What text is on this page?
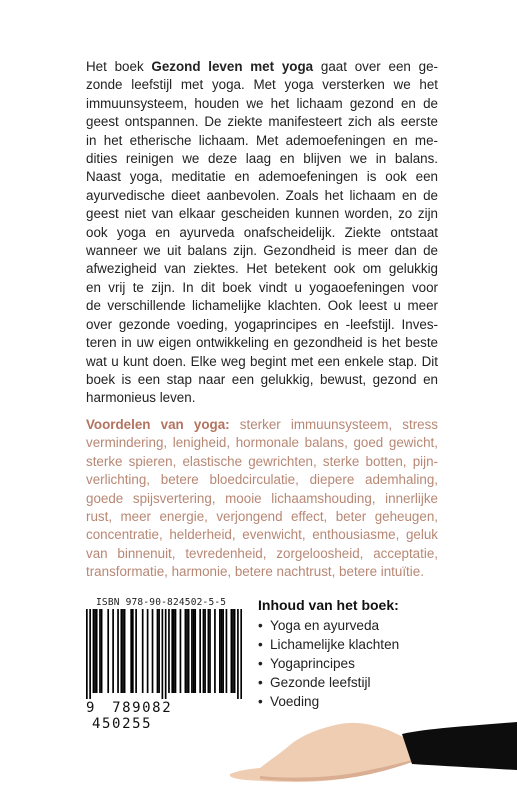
Het boek Gezond leven met yoga gaat over een ge-
zonde leefstijl met yoga. Met yoga versterken we het
immuunsysteem, houden we het lichaam gezond en de
geest ontspannen. De ziekte manifesteert zich als eerste
in het etherische lichaam. Met ademoefeningen en me-
dities reinigen we deze laag en blijven we in balans.
Naast yoga, meditatie en ademoefeningen is ook een
ayurvedische dieet aanbevolen. Zoals het lichaam en de
geest niet van elkaar gescheiden kunnen worden, zo zijn
ook yoga en ayurveda onafscheidelijk. Ziekte ontstaat
wanneer we uit balans zijn. Gezondheid is meer dan de
afwezigheid van ziektes. Het betekent ook om gelukkig
en vrij te zijn. In dit boek vindt u yogaoefeningen voor
de verschillende lichamelijke klachten. Ook leest u meer
over gezonde voeding, yogaprincipes en -leefstijl. Inves-
teren in uw eigen ontwikkeling en gezondheid is het beste
wat u kunt doen. Elke weg begint met een enkele stap. Dit
boek is een stap naar een gelukkig, bewust, gezond en
harmonieus leven.
Voordelen van yoga: sterker immuunsysteem, stress
vermindering, lenigheid, hormonale balans, goed gewicht,
sterke spieren, elastische gewrichten, sterke botten, pijn-
verlichting, betere bloedcirculatie, diepere ademhaling,
goede spijsvertering, mooie lichaamshouding, innerlijke
rust, meer energie, verjongend effect, beter geheugen,
concentratie, helderheid, evenwicht, enthousiasme, geluk
van binnenuit, tevredenheid, zorgeloosheid, acceptatie,
transformatie, harmonie, betere nachtrust, betere intuïtie.
ISBN 978-90-824502-5-5
9 789082 450255
Inhoud van het boek:
• Yoga en ayurveda
• Lichamelijke klachten
• Yogaprincipes
• Gezonde leefstijl
• Voeding
